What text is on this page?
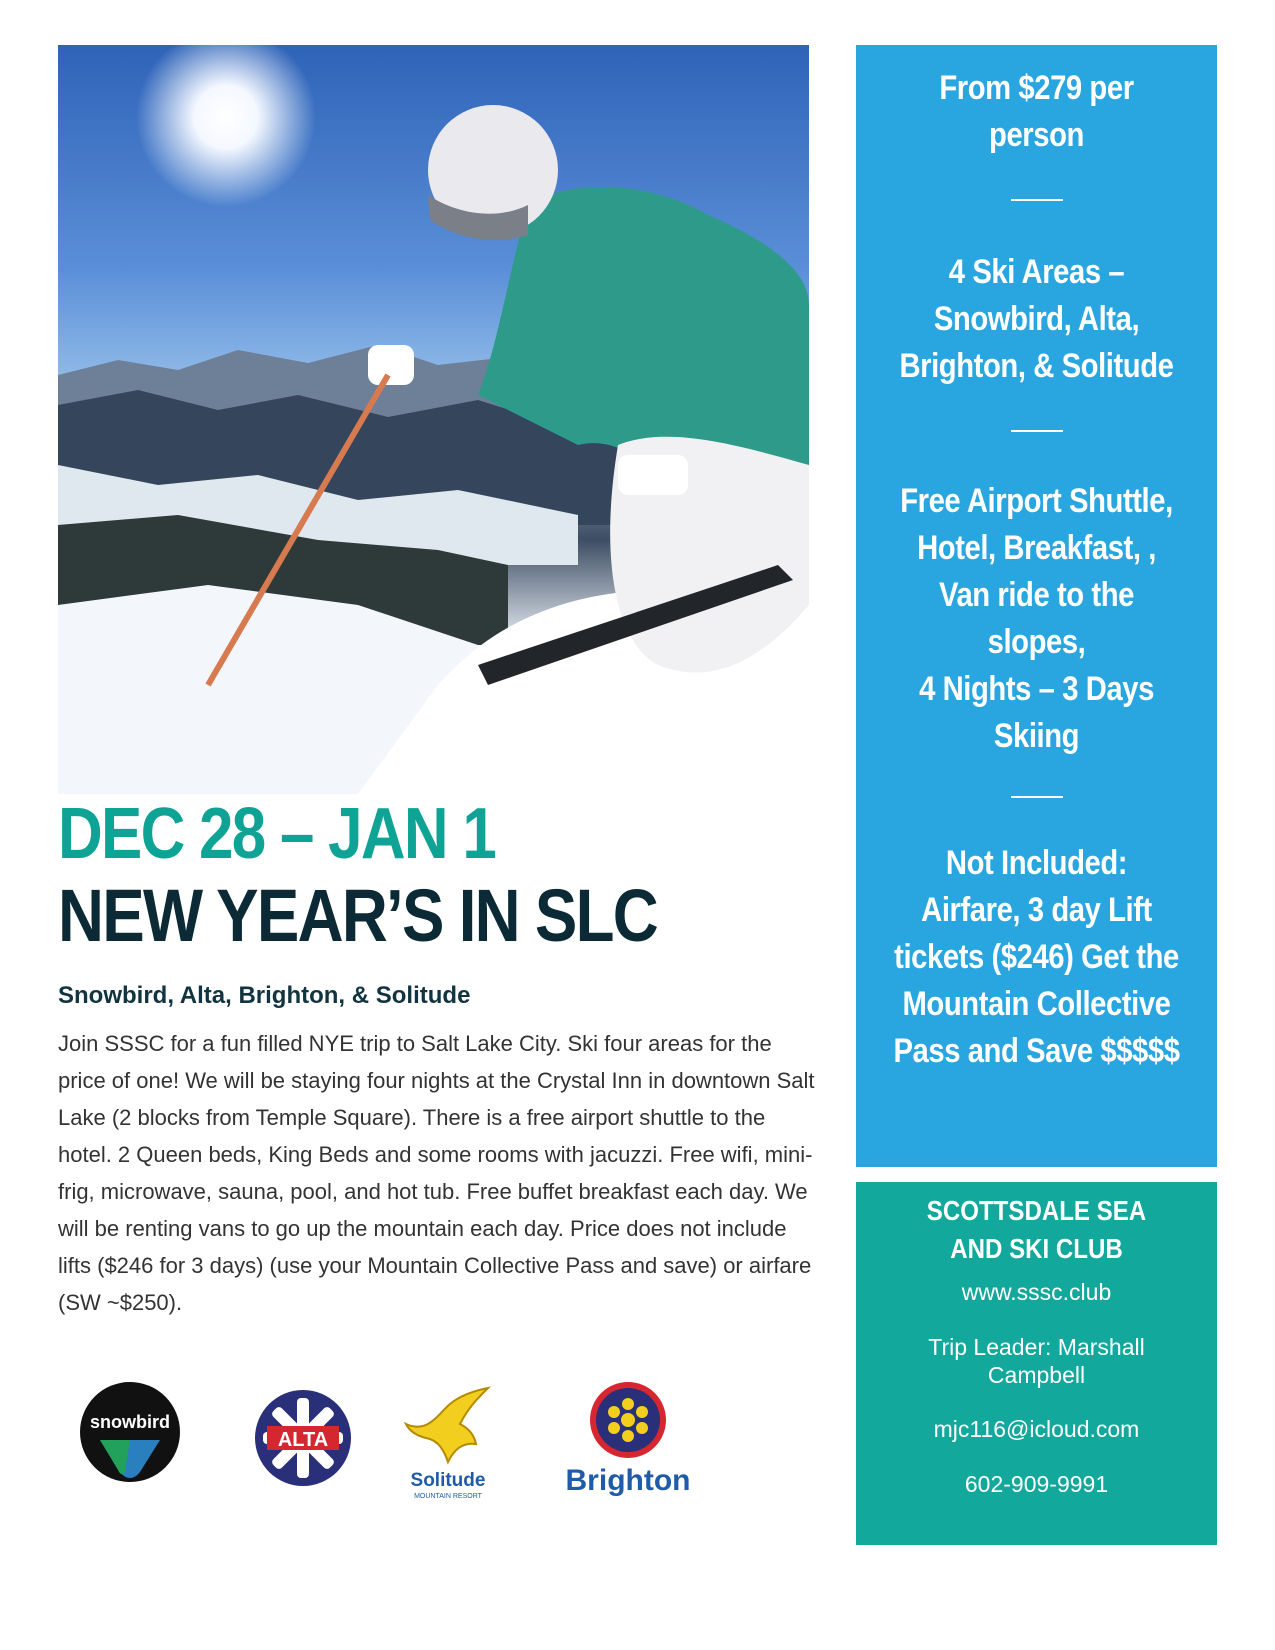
DEC 28 – JAN 1
NEW YEAR’S IN SLC
Snowbird, Alta, Brighton, & Solitude

Join SSSC for a fun filled NYE trip to Salt Lake City. Ski four areas for the price of one! We will be staying four nights at the Crystal Inn in downtown Salt Lake (2 blocks from Temple Square). There is a free airport shuttle to the hotel. 2 Queen beds, King Beds and some rooms with jacuzzi. Free wifi, mini-frig, microwave, sauna, pool, and hot tub. Free buffet breakfast each day. We will be renting vans to go up the mountain each day. Price does not include lifts ($246 for 3 days) (use your Mountain Collective Pass and save) or airfare (SW ~$250).

snowbird
ALTA
Solitude
MOUNTAIN RESORT	Brighton
From $279 per person
4 Ski Areas – Snowbird, Alta, Brighton, & Solitude
Free Airport Shuttle, Hotel, Breakfast, ,
Van ride to the slopes,
4 Nights – 3 Days Skiing
Not Included: Airfare, 3 day Lift tickets ($246) Get the Mountain Collective Pass and Save $$$$$
SCOTTSDALE SEA AND SKI CLUB
www.sssc.club
Trip Leader: Marshall Campbell
mjc116@icloud.com
602-909-9991
